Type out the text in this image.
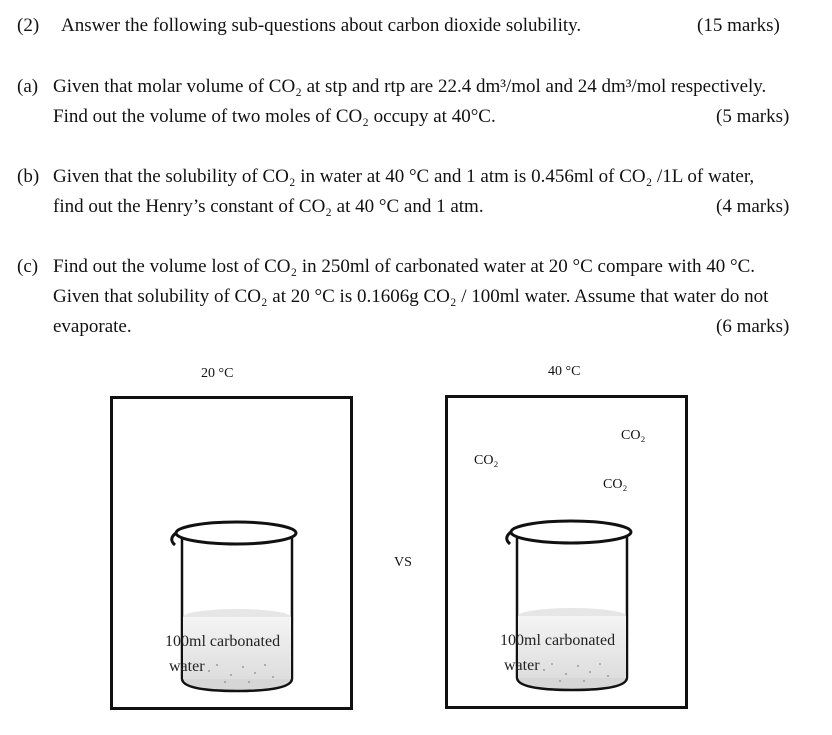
(2) Answer the following sub-questions about carbon dioxide solubility.	(15 marks)
(a) Given that molar volume of CO₂ at stp and rtp are 22.4 dm³/mol and 24 dm³/mol respectively.
Find out the volume of two moles of CO₂ occupy at 40°C.	(5 marks)
(b) Given that the solubility of CO₂ in water at 40 °C and 1 atm is 0.456ml of CO₂ /1L of water,
find out the Henry’s constant of CO₂ at 40 °C and 1 atm.	(4 marks)
(c) Find out the volume lost of CO₂ in 250ml of carbonated water at 20 °C compare with 40 °C.
Given that solubility of CO₂ at 20 °C is 0.1606g CO₂ / 100ml water. Assume that water do not
evaporate.	(6 marks)
20 °C	40 °C
100ml carbonated
water
VS
CO₂
CO₂
CO₂
100ml carbonated
water
